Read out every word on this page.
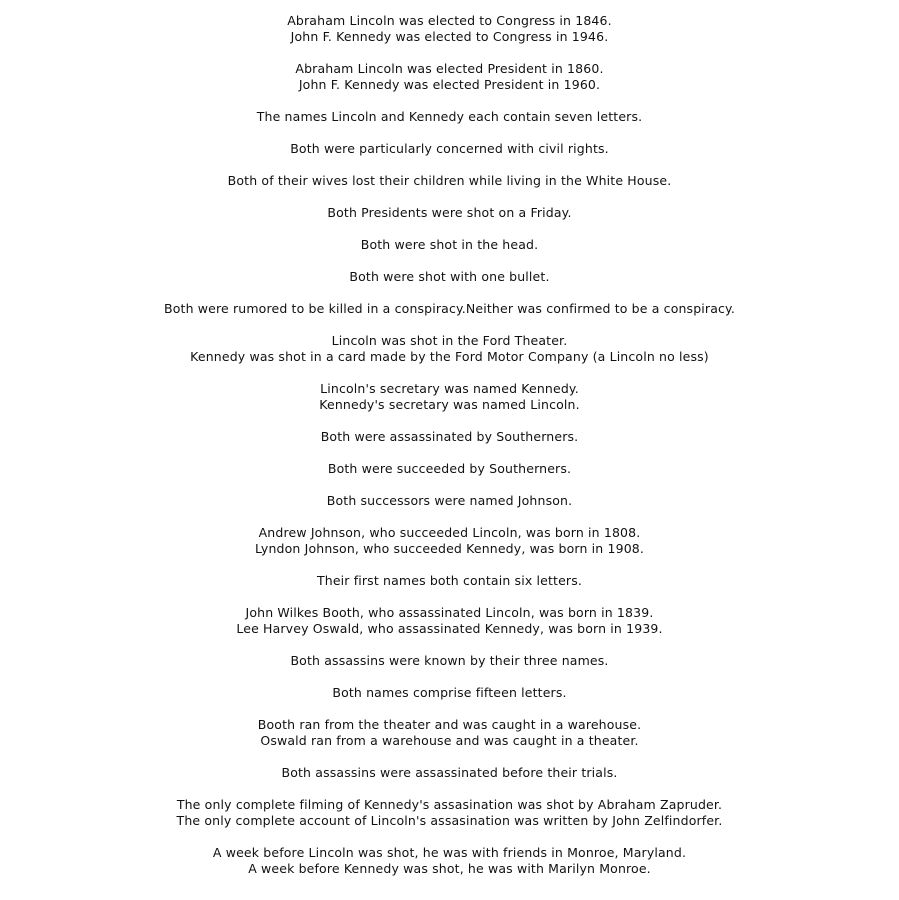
Abraham Lincoln was elected to Congress in 1846.
John F. Kennedy was elected to Congress in 1946.
Abraham Lincoln was elected President in 1860.
John F. Kennedy was elected President in 1960.
The names Lincoln and Kennedy each contain seven letters.
Both were particularly concerned with civil rights.
Both of their wives lost their children while living in the White House.
Both Presidents were shot on a Friday.
Both were shot in the head.
Both were shot with one bullet.
Both were rumored to be killed in a conspiracy.Neither was confirmed to be a conspiracy.
Lincoln was shot in the Ford Theater.
Kennedy was shot in a card made by the Ford Motor Company (a Lincoln no less)
Lincoln's secretary was named Kennedy.
Kennedy's secretary was named Lincoln.
Both were assassinated by Southerners.
Both were succeeded by Southerners.
Both successors were named Johnson.
Andrew Johnson, who succeeded Lincoln, was born in 1808.
Lyndon Johnson, who succeeded Kennedy, was born in 1908.
Their first names both contain six letters.
John Wilkes Booth, who assassinated Lincoln, was born in 1839.
Lee Harvey Oswald, who assassinated Kennedy, was born in 1939.
Both assassins were known by their three names.
Both names comprise fifteen letters.
Booth ran from the theater and was caught in a warehouse.
Oswald ran from a warehouse and was caught in a theater.
Both assassins were assassinated before their trials.
The only complete filming of Kennedy's assasination was shot by Abraham Zapruder.
The only complete account of Lincoln's assasination was written by John Zelfindorfer.
A week before Lincoln was shot, he was with friends in Monroe, Maryland.
A week before Kennedy was shot, he was with Marilyn Monroe.
